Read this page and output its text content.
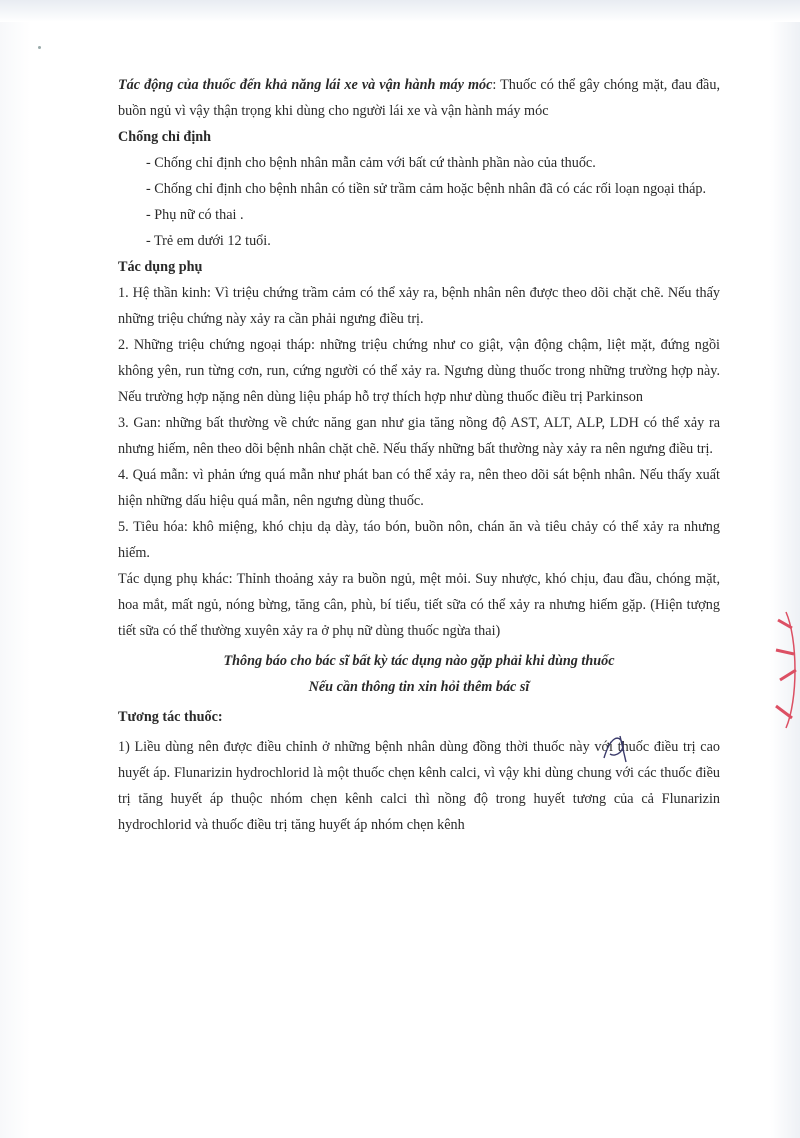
Tác động của thuốc đến khả năng lái xe và vận hành máy móc: Thuốc có thể gây chóng mặt, đau đầu, buồn ngủ vì vậy thận trọng khi dùng cho người lái xe và vận hành máy móc

Chống chỉ định

- Chống chỉ định cho bệnh nhân mẫn cảm với bất cứ thành phần nào của thuốc.

- Chống chỉ định cho bệnh nhân có tiền sử trầm cảm hoặc bệnh nhân đã có các rối loạn ngoại tháp.

- Phụ nữ có thai .

- Trẻ em dưới 12 tuổi.

Tác dụng phụ

1. Hệ thần kinh: Vì triệu chứng trầm cảm có thể xảy ra, bệnh nhân nên được theo dõi chặt chẽ. Nếu thấy những triệu chứng này xảy ra cần phải ngưng điều trị.

2. Những triệu chứng ngoại tháp: những triệu chứng như co giật, vận động chậm, liệt mặt, đứng ngồi không yên, run từng cơn, run, cứng người có thể xảy ra. Ngưng dùng thuốc trong những trường hợp này. Nếu trường hợp nặng nên dùng liệu pháp hỗ trợ thích hợp như dùng thuốc điều trị Parkinson

3. Gan: những bất thường về chức năng gan như gia tăng nồng độ AST, ALT, ALP, LDH có thể xảy ra nhưng hiếm, nên theo dõi bệnh nhân chặt chẽ. Nếu thấy những bất thường này xảy ra nên ngưng điều trị.

4. Quá mẫn: vì phản ứng quá mẫn như phát ban có thể xảy ra, nên theo dõi sát bệnh nhân. Nếu thấy xuất hiện những dấu hiệu quá mẫn, nên ngưng dùng thuốc.

5. Tiêu hóa: khô miệng, khó chịu dạ dày, táo bón, buồn nôn, chán ăn và tiêu chảy có thể xảy ra nhưng hiếm.

Tác dụng phụ khác: Thỉnh thoảng xảy ra buồn ngủ, mệt mỏi. Suy nhược, khó chịu, đau đầu, chóng mặt, hoa mắt, mất ngủ, nóng bừng, tăng cân, phù, bí tiểu, tiết sữa có thể xảy ra nhưng hiếm gặp. (Hiện tượng tiết sữa có thể thường xuyên xảy ra ở phụ nữ dùng thuốc ngừa thai)

Thông báo cho bác sĩ bất kỳ tác dụng nào gặp phải khi dùng thuốc

Nếu cần thông tin xin hỏi thêm bác sĩ

Tương tác thuốc:

1) Liều dùng nên được điều chỉnh ở những bệnh nhân dùng đồng thời thuốc này với thuốc điều trị cao huyết áp. Flunarizin hydrochlorid là một thuốc chẹn kênh calci, vì vậy khi dùng chung với các thuốc điều trị tăng huyết áp thuộc nhóm chẹn kênh calci thì nồng độ trong huyết tương của cả Flunarizin hydrochlorid và thuốc điều trị tăng huyết áp nhóm chẹn kênh
